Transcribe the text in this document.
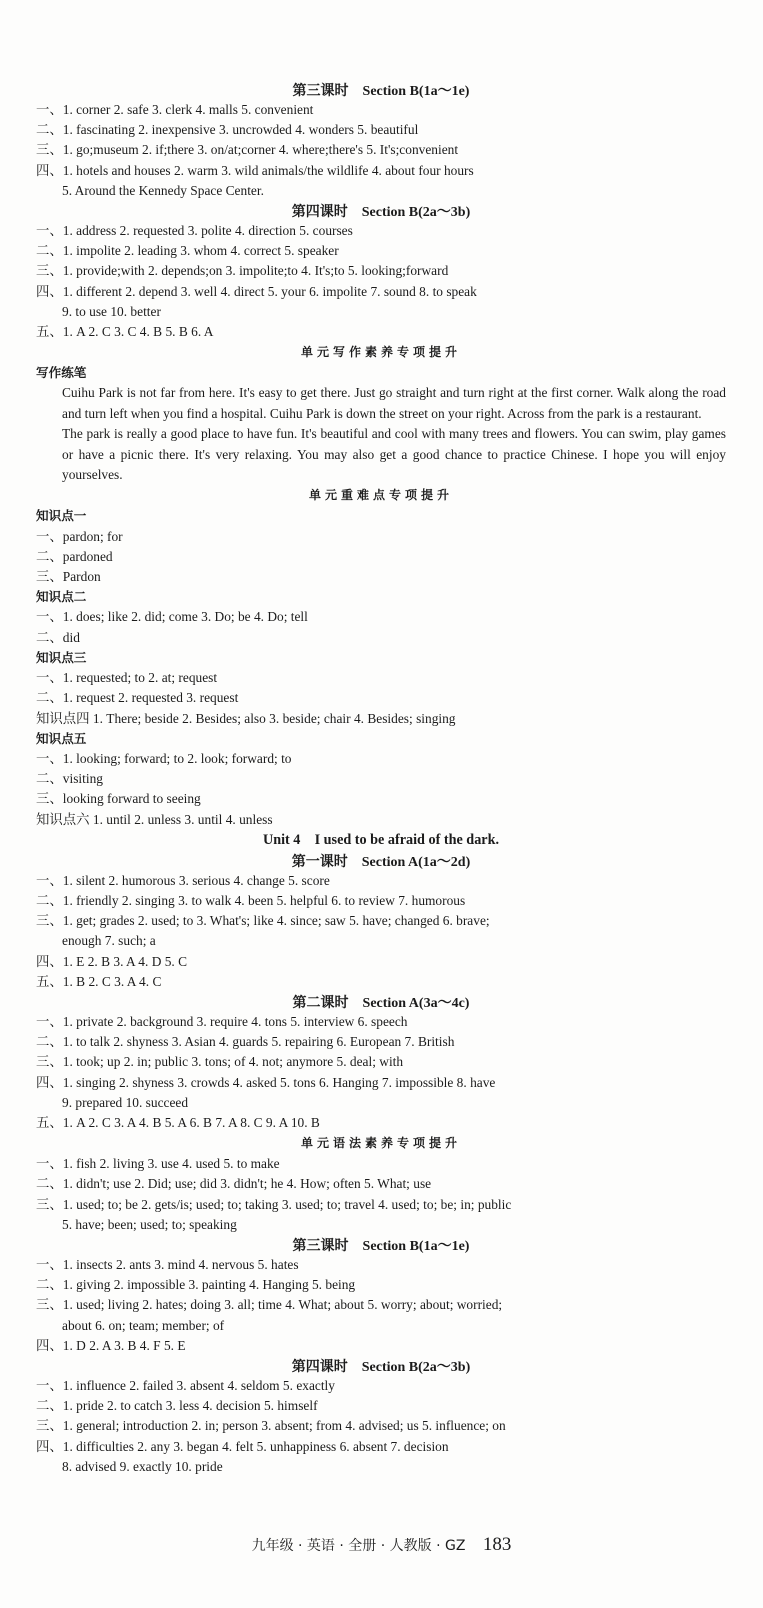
第三课时　Section B(1a～1e)
一、1. corner 2. safe 3. clerk 4. malls 5. convenient
二、1. fascinating 2. inexpensive 3. uncrowded 4. wonders 5. beautiful
三、1. go;museum 2. if;there 3. on/at;corner 4. where;there's 5. It's;convenient
四、1. hotels and houses 2. warm 3. wild animals/the wildlife 4. about four hours
5. Around the Kennedy Space Center.
第四课时　Section B(2a～3b)
一、1. address 2. requested 3. polite 4. direction 5. courses
二、1. impolite 2. leading 3. whom 4. correct 5. speaker
三、1. provide;with 2. depends;on 3. impolite;to 4. It's;to 5. looking;forward
四、1. different 2. depend 3. well 4. direct 5. your 6. impolite 7. sound 8. to speak
9. to use 10. better
五、1. A 2. C 3. C 4. B 5. B 6. A
单元写作素养专项提升
写作练笔
Cuihu Park is not far from here. It's easy to get there. Just go straight and turn right at the first corner. Walk along the road and turn left when you find a hospital. Cuihu Park is down the street on your right. Across from the park is a restaurant.
The park is really a good place to have fun. It's beautiful and cool with many trees and flowers. You can swim, play games or have a picnic there. It's very relaxing. You may also get a good chance to practice Chinese. I hope you will enjoy yourselves.
单元重难点专项提升
知识点一
一、pardon; for
二、pardoned
三、Pardon
知识点二
一、1. does; like 2. did; come 3. Do; be 4. Do; tell
二、did
知识点三
一、1. requested; to 2. at; request
二、1. request 2. requested 3. request
知识点四 1. There; beside 2. Besides; also 3. beside; chair 4. Besides; singing
知识点五
一、1. looking; forward; to 2. look; forward; to
二、visiting
三、looking forward to seeing
知识点六 1. until 2. unless 3. until 4. unless
Unit 4　I used to be afraid of the dark.
第一课时　Section A(1a～2d)
一、1. silent 2. humorous 3. serious 4. change 5. score
二、1. friendly 2. singing 3. to walk 4. been 5. helpful 6. to review 7. humorous
三、1. get; grades 2. used; to 3. What's; like 4. since; saw 5. have; changed 6. brave;
enough 7. such; a
四、1. E 2. B 3. A 4. D 5. C
五、1. B 2. C 3. A 4. C
第二课时　Section A(3a～4c)
一、1. private 2. background 3. require 4. tons 5. interview 6. speech
二、1. to talk 2. shyness 3. Asian 4. guards 5. repairing 6. European 7. British
三、1. took; up 2. in; public 3. tons; of 4. not; anymore 5. deal; with
四、1. singing 2. shyness 3. crowds 4. asked 5. tons 6. Hanging 7. impossible 8. have
9. prepared 10. succeed
五、1. A 2. C 3. A 4. B 5. A 6. B 7. A 8. C 9. A 10. B
单元语法素养专项提升
一、1. fish 2. living 3. use 4. used 5. to make
二、1. didn't; use 2. Did; use; did 3. didn't; he 4. How; often 5. What; use
三、1. used; to; be 2. gets/is; used; to; taking 3. used; to; travel 4. used; to; be; in; public
5. have; been; used; to; speaking
第三课时　Section B(1a～1e)
一、1. insects 2. ants 3. mind 4. nervous 5. hates
二、1. giving 2. impossible 3. painting 4. Hanging 5. being
三、1. used; living 2. hates; doing 3. all; time 4. What; about 5. worry; about; worried;
about 6. on; team; member; of
四、1. D 2. A 3. B 4. F 5. E
第四课时　Section B(2a～3b)
一、1. influence 2. failed 3. absent 4. seldom 5. exactly
二、1. pride 2. to catch 3. less 4. decision 5. himself
三、1. general; introduction 2. in; person 3. absent; from 4. advised; us 5. influence; on
四、1. difficulties 2. any 3. began 4. felt 5. unhappiness 6. absent 7. decision
8. advised 9. exactly 10. pride
九年级 · 英语 · 全册 · 人教版 · GZ 183
